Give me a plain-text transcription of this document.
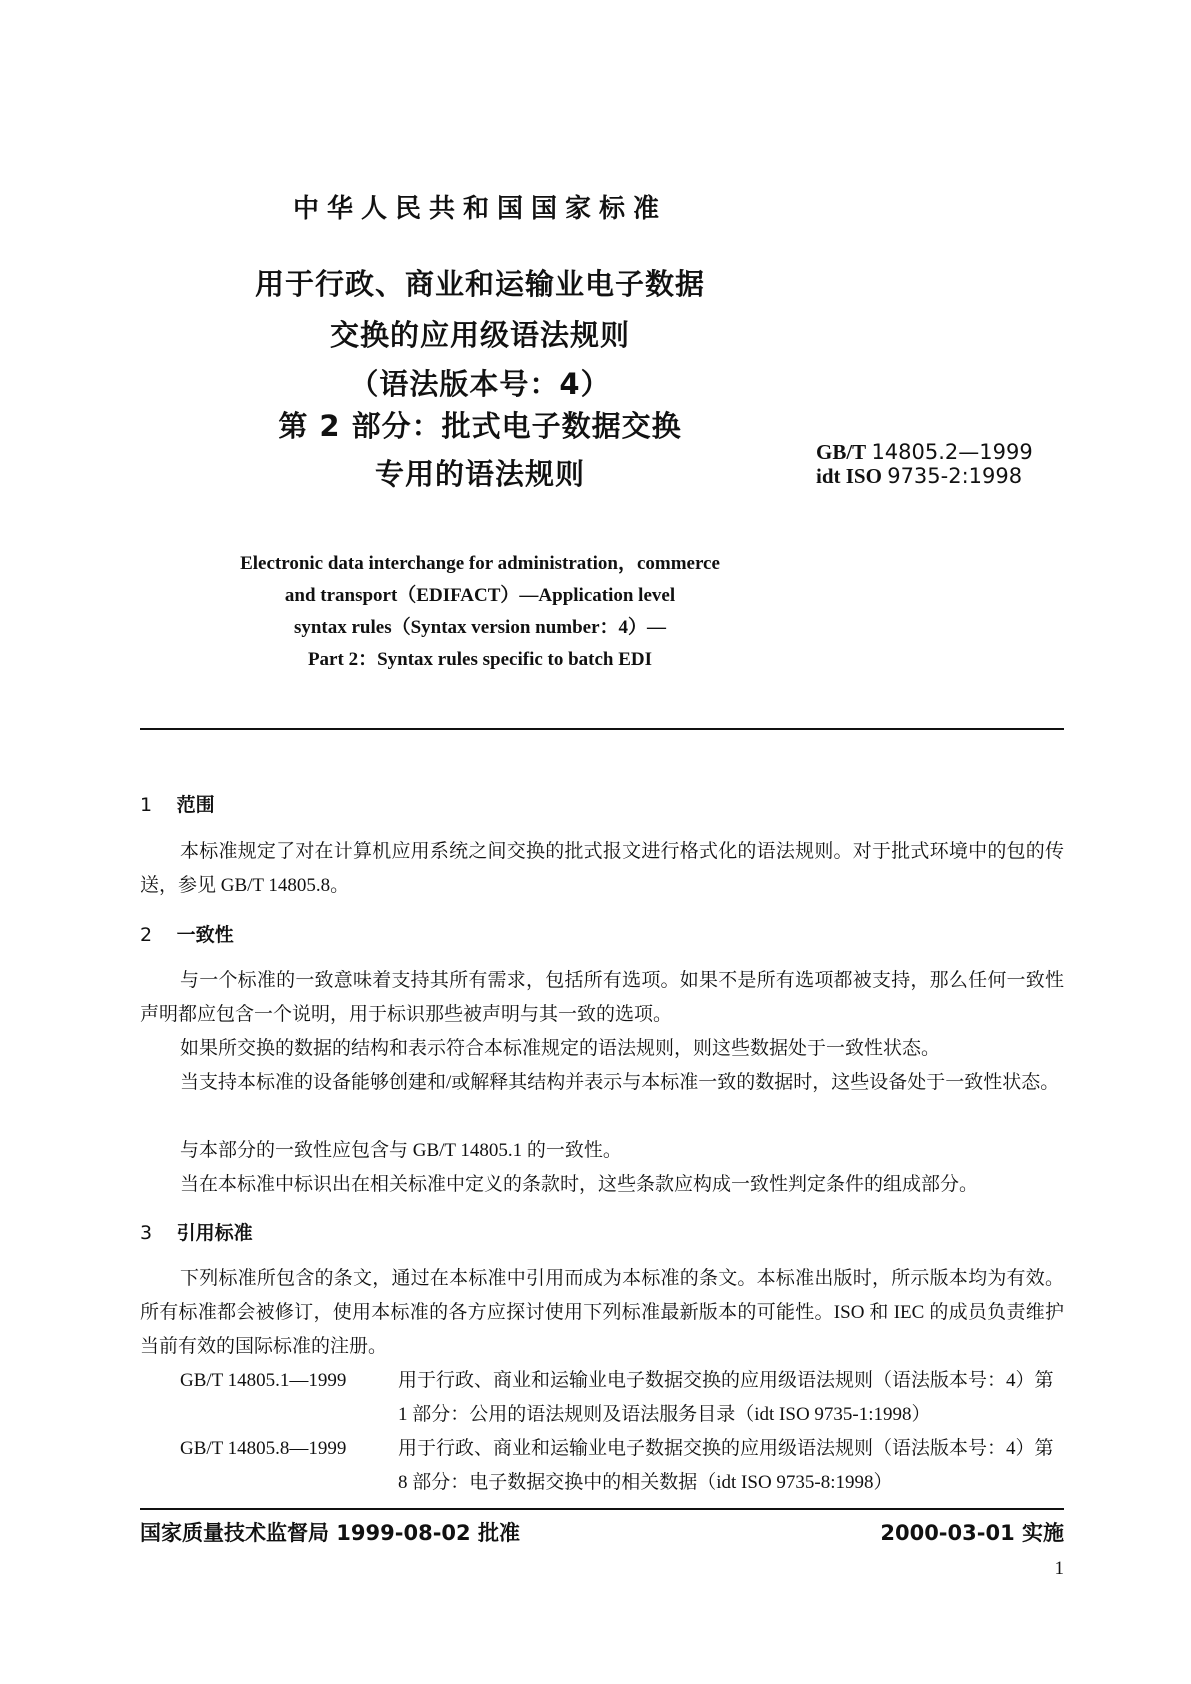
中华人民共和国国家标准
用于行政、商业和运输业电子数据
交换的应用级语法规则
（语法版本号：4）
第 2 部分：批式电子数据交换
专用的语法规则
GB/T 14805.2—1999
idt ISO 9735-2:1998
Electronic data interchange for administration，commerce
and transport（EDIFACT）—Application level
syntax rules（Syntax version number：4）—
Part 2：Syntax rules specific to batch EDI
1 范围

本标准规定了对在计算机应用系统之间交换的批式报文进行格式化的语法规则。对于批式环境中的包的传送，参见 GB/T 14805.8。

2 一致性

与一个标准的一致意味着支持其所有需求，包括所有选项。如果不是所有选项都被支持，那么任何一致性声明都应包含一个说明，用于标识那些被声明与其一致的选项。

如果所交换的数据的结构和表示符合本标准规定的语法规则，则这些数据处于一致性状态。

当支持本标准的设备能够创建和/或解释其结构并表示与本标准一致的数据时，这些设备处于一致性状态。

与本部分的一致性应包含与 GB/T 14805.1 的一致性。

当在本标准中标识出在相关标准中定义的条款时，这些条款应构成一致性判定条件的组成部分。

3 引用标准

下列标准所包含的条文，通过在本标准中引用而成为本标准的条文。本标准出版时，所示版本均为有效。所有标准都会被修订，使用本标准的各方应探讨使用下列标准最新版本的可能性。ISO 和 IEC 的成员负责维护当前有效的国际标准的注册。

GB/T 14805.1—1999	用于行政、商业和运输业电子数据交换的应用级语法规则（语法版本号：4）第 1 部分：公用的语法规则及语法服务目录（idt ISO 9735-1:1998）
GB/T 14805.8—1999	用于行政、商业和运输业电子数据交换的应用级语法规则（语法版本号：4）第 8 部分：电子数据交换中的相关数据（idt ISO 9735-8:1998）
国家质量技术监督局 1999-08-02 批准	2000-03-01 实施
1
